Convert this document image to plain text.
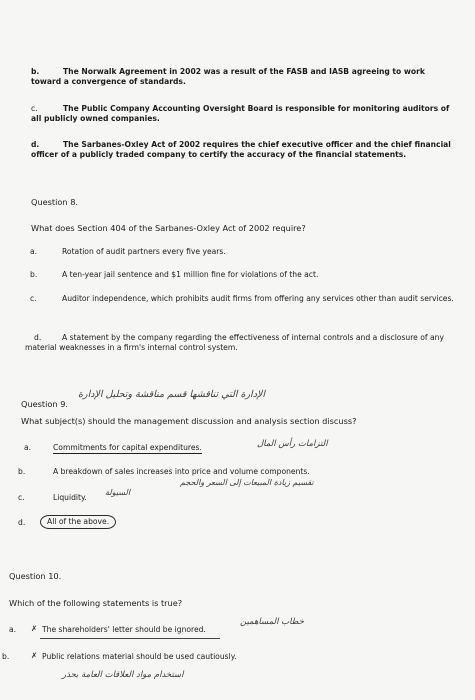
b.	The Norwalk Agreement in 2002 was a result of the FASB and IASB agreeing to work toward a convergence of standards.
c.	The Public Company Accounting Oversight Board is responsible for monitoring auditors of all publicly owned companies.
d.	The Sarbanes-Oxley Act of 2002 requires the chief executive officer and the chief financial officer of a publicly traded company to certify the accuracy of the financial statements.
Question 8.
What does Section 404 of the Sarbanes-Oxley Act of 2002 require?
a.	Rotation of audit partners every five years.
b.	A ten-year jail sentence and $1 million fine for violations of the act.
c.	Auditor independence, which prohibits audit firms from offering any services other than audit services.
d.	A statement by the company regarding the effectiveness of internal controls and a disclosure of any material weaknesses in a firm's internal control system.
Question 9.
الإدارة التي تناقشها قسم مناقشة وتحليل الإدارة
What subject(s) should the management discussion and analysis section discuss?
a.	Commitments for capital expenditures.	التزامات رأس المال
b.	A breakdown of sales increases into price and volume components.
تقسيم زيادة المبيعات إلى السعر والحجم
c.	Liquidity.
السيولة
d.	All of the above.
Question 10.
Which of the following statements is true?
a. ✗ The shareholders' letter should be ignored.
خطاب المساهمين
b.	✗ Public relations material should be used cautiously.
استخدام مواد العلاقات العامة بحذر
